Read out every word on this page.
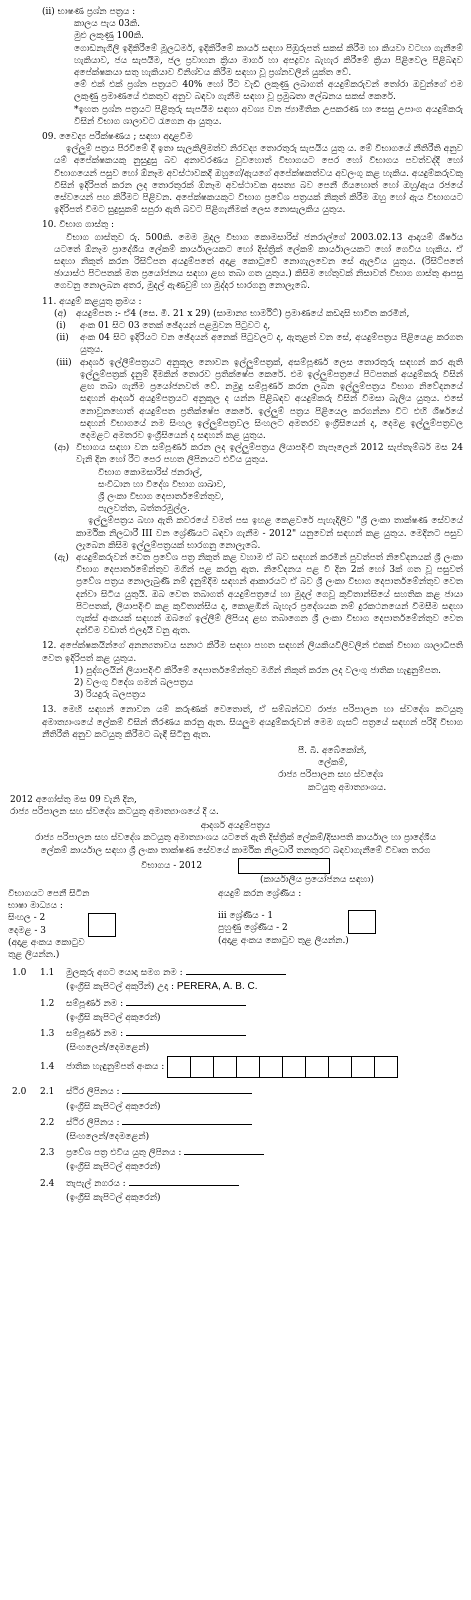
(ii) භාෂණ ප්‍රශ්න පත්‍රය :

කාලය පැය 03කි.

මුළු ලකුණු 100කි.

ගොඩනැගිලි ඉදිකිරීමේ මූලධර්ම, ඉදිකිරීමේ කාර්ය සඳහා පිඹුරුපත් සකස් කිරීම හා කියවා වටහා ගැනීමේ හැකියාව, ජය සැපයීම, ජල ප්‍රවාහන ක්‍රියා මාර්ග හා අපද්‍රව්‍ය බැහැර කිරීමේ ක්‍රියා පිළිවෙල පිළිබඳව අපේක්ෂකයා සතු හැකියාව විනිශ්චය කිරීම සඳහා වූ ප්‍රශ්නවලින් යුක්ත වේ.

මේ එක් එක් ප්‍රශ්න පත්‍රයට 40% හෝ රීට වැඩි ලකුණු ලබාගත් අයදුම්කරුවන් තෝරා ඔවුන්ගේ එම ලකුණු ප්‍රමාණයේ එකතුව අනුව බඳවා ගැනීම සඳහා වූ ප්‍රමුඛතා ලේඛනය සකස් කෙරේ.

*ඉහත ප්‍රශ්න පත්‍රයට පිළිතුරු සැපයීම සඳහා අවශ්‍ය වන ජ්‍යාමිතික උපකරණ හා සෙසු උපාංග අයදුම්කරු විසින් විභාග ශාලාවට රැගෙන ආ යුතුය.

09. වෛද්‍ය පරීක්ෂණය ; සඳහා අදාළවීම

ඉල්ලුම් පත්‍රය පිරවීමේ දී ඉතා සැලකිලිමත්ව නිරවද්‍ය තොරතුරු සැපයිය යුතු ය. මේ විභාගයේ නීතිරීති අනුව යම් අපේක්ෂකයකු නුසුදුසු බව අනාවරණය වුවහොත් විභාගයට පෙර හෝ විභාගය පවත්වද්දී හෝ විභාගයෙන් පසුව හෝ ඕනෑම අවස්ථාවකදී ඔහුගේ/ඇයගේ අපේක්ෂකත්වය අවලංගු කළ හැකිය. අයදුම්කරුවකු විසින් ඉදිරිපත් කරන ලද තොරතුරක් ඕනෑම අවස්ථාවක අසත්‍ය බව පෙනී ගියහොත් හෝ ඔහු/ඇය රජයේ සේවයෙන් පහ කිරීමට පිළිවන. අපේක්ෂකයකුට විභාග ප්‍රවේශ පත්‍රයක් නිකුත් කිරීම ඔහු හෝ ඇය විභාගයට ඉදිරිපත් වීමට සුදුසුකම් සපුරා ඇති බවට පිළිගැනීමක් ලෙස නොසැලකිය යුතුය.

10. විභාග ගාස්තු :

විභාග ගාස්තුව රු. 500කි. මෙම මුදල විභාග කොමසාරිස් ජනරාල්ගේ 2003.02.13 ආදායම් ශීර්ෂය යටතේ ඕනෑම ප්‍රාදේශීය ලේකම් කාර්යාලයකට හෝ දිස්ත්‍රික් ලේකම් කාර්යාලයකට හෝ ගෙවිය හැකිය. ඒ සඳහා නිකුත් කරන රිසිට්පත අයදුම්පතේ අදාළ කොටුවේ නොගැලවෙන සේ ඇලවිය යුතුය. (රිසිට්පතේ ඡායාස්ථ පිටපතක් මත ප්‍රයෝජනය සඳහා ළඟ තබා ගත යුතුය.) කිසිම හේතුවක් නිසාවත් විභාග ගාස්තු ආපසු ගෙවනු නොලබන අතර, මුදල් ඇණවුම් හා මුද්දර භාරගනු නොලැබේ.

11. අයදුම් කළයුතු ක්‍රමය :

(අ)	අයදුම්පත :- ඒ4 (සෙ. මී. 21 x 29) (සාමාන්‍ය භාර්මිට්) ප්‍රමාණයේ කඩදාසි භාවිත කරමින්,
(i)	අංක 01 සිට 03 තෙක් ඡේදයන් පළමුවන පිටුවට ද,
(ii)	අංක 04 සිට ඉදිරියට වන ඡේදයන් අනෙක් පිටුවලට ද, ඇතුළත් වන සේ, අයදුම්පත්‍රය පිළියෙළ කරගත යුතුය.
(iii) ආදර්ශ ඉල්ලීම්පත්‍රයට අනුකූල නොවන ඉල්ලුම්පත්‍රක්, අසම්පූර්ණ ලෙස තොරතුරු සඳහන් කර ඇති ඉල්ලුම්පත්‍රක් දැනුම් දීමකින් තොරව ප්‍රතික්ෂේප කෙරේ. එම ඉල්ලුම්පත්‍රයේ පිටපතක් අයදුම්කරු විසින් ළඟ තබා ගැනීම ප්‍රයෝජනවත් වේ. නමුදු සම්පූර්ණ කරන ලබන ඉල්ලුම්පත්‍රය විභාග නිවේදනයේ සඳහන් ආදර්ශ අයදුම්පත්‍රයට අනුකූල ද යන්න පිළිබඳව අයදුම්කරු විසින් විමසා බැලිය යුතුය. එසේ නොවුනහොත් අයදුම්පත ප්‍රතික්ෂේප කෙරේ. ඉල්ලුම් පත්‍රය පිළියෙල කරගන්නා විට එහි ශීර්ෂයේ සඳහන් විභාගයේ නම සිංහල ඉල්ලුම්පත්‍රවල සිංහලට අමතරව ඉංග්‍රීසියෙන් ද, දෙමළ ඉල්ලුම්පත්‍රවල දෙමළට අමතරව ඉංග්‍රීසියෙන් ද සඳහන් කළ යුතුය.
(ආ) විභාගය සඳහා වන සම්පූර්ණ කරන ලද ඉල්ලුම්පත්‍රය ලියාපදිංචි තැපෑලෙන් 2012 සැප්තැම්බර් මස 24 වැනි දින හෝ රීට පෙර පහත ලිපිනයට එවිය යුතුය.

විභාග කොමසාරිස් ජනරාල්,

සංවිධාන හා විදේශ විභාග ශාඛාව,

ශ්‍රී ලංකා විභාග දෙපාර්තමේන්තුව,

පැලවත්ත, බත්තරමුල්ල.

ඉල්ලුම්පත්‍රය බහා ඇති කවරයේ වමත් පස ඉහළ කෙළවරේ පැහැදිලිව "ශ්‍රී ලංකා තාක්ෂණ සේවයේ කාර්මික නිලධාරී III වන ශ්‍රේණියට බඳවා ගැනීම - 2012" යනුවෙන් සඳහන් කළ යුතුය. මෙදිනට පසුව ලැබෙන කිසිම ඉල්ලුම්පත්‍රයක් භාරගනු නොලැබේ.

(ඇ) අයදුම්කරුවන් වෙත ප්‍රවේශ පත්‍ර නිකුත් කළ වහාම ඒ බව සඳහන් කරමින් පුවත්පත් නිවේදනයක් ශ්‍රී ලංකා විභාග දෙපාර්තමේන්තුව මගින් පළ කරනු ඇත. නිවේදනය පළ වී දින 2ක් හෝ 3ක් ගත වූ පසුවත් ප්‍රවේශ පත්‍රය නොලැබුණි නම් දැනුම්දීම සඳහන් ආකාරයට ඒ බව ශ්‍රී ලංකා විභාග දෙපාර්තමේන්තුව වෙත දන්වා සිටිය යුතුයි. ඔබ වෙත තබාගත් අයදුම්පත්‍රයේ හා මුදල් ගෙවූ කුවිතාන්සියේ සහතික කළ ජායා පිටපතක්, ලියාපදිංචි කළ කුවිතාන්සිය ද, කොළඹින් බැහැර ප්‍රදේශයක නම් දුරකථනයෙන් විමසීම සඳහා ෆැක්ස් අංකයක් සඳහන් ඔබගේ ඉල්ලීම් ලිපියද ළඟ තබාගෙන ශ්‍රී ලංකා විභාග දෙපාර්තමේන්තුව වෙත දන්වීම වඩාත් එලදායී වනු ඇත.

12. අපේක්ෂකයින්ගේ අනන්‍යතාවය සනාථ කිරීම සඳහා පහත සඳහන් ලියකියවිලිවලින් එකක් විභාග ශාලාධිපති වෙත ඉදිරිපත් කළ යුතුය.

1) පුද්ගලයින් ලියාපදිංචි කිරීමේ දෙපාර්තමේන්තුව මගින් නිකුත් කරන ලද වලංගු ජාතික හැඳුනුම්පත.

2) වලංගු විදේශ ගමන් බලපත්‍රය

3) රියදුරු බලපත්‍රය

13. මෙහි සඳහන් නොවන යම් කරුණක් වෙතොත්, ඒ සම්බන්ධව රාජ්‍ය පරිපාලන හා ස්වදේශ කටයුතු අමාත්‍යාංශයේ ලේකම් විසින් තීරණය කරනු ඇත. සියලුම අයදුම්කරුවන් මෙම ගැසට් පත්‍රයේ සඳහන් පරිදි විභාග නීතිරීති අනුව කටයුතු කිරීමට බැඳී සිටිනු ඇත.

පී. බී. අබේකෝන්,

ලේකම්,

රාජ්‍ය පරිපාලන සහ ස්වදේශ

කටයුතු අමාත්‍යාංශය.

2012 අගෝස්තු මස 09 වැනි දින,

රාජ්‍ය පරිපාලන සහ ස්වදේශ කටයුතු අමාත්‍යාංශයේ දී ය.

ආදර්ශ අයදුම්පත්‍රය

රාජ්‍ය පරිපාලන සහ ස්වදේශ කටයුතු අමාත්‍යාංශය යටතේ ඇති දිස්ත්‍රික් ලේකම්/දිසාපති කාර්යාල හා ප්‍රාදේශීය ලේකම් කාර්යාල සඳහා ශ්‍රී ලංකා තාක්ෂණ සේවයේ කාර්මික නිලධාරී තනතුරට බඳවාගැනීමේ විවෘත තරග

විභාගය - 2012

(කාර්යාලීය ප්‍රයෝජනය සඳහා)

විභාගයට පෙනී සිටින

භාෂා මාධ්‍යය :

සිංහල - 2

දෙමළ - 3

(අදාළ අංකය කොටුව

තුළ ලියන්න.)

අයදුම් කරන ශ්‍රේණිය :

iii ශ්‍රේණිය - 1

පුහුණු ශ්‍රේණිය - 2

(අදාළ අංකය කොටුව තුළ ලියන්න.)

1.0	1.1	මුලකුරු අගට යොදා සමග නම :
(ඉංග්‍රීසි කැපිටල් අකුරින්) උදා : PERERA, A. B. C.
1.2	සම්පූර්ණ නම :
(ඉංග්‍රීසි කැපිටල් අකුරෙන්)
1.3	සම්පූර්ණ නම :
(සිංහලෙන්/දෙමළෙන්)
1.4	ජාතික හැඳුනුම්පත් අංකය :
2.0	2.1	ස්ථිර ලිපිනය :
(ඉංග්‍රීසි කැපිටල් අකුරෙන්)
2.2	ස්ථිර ලිපිනය :
(සිංහලෙන්/දෙමළෙන්)
2.3	ප්‍රවේශ පත්‍ර එවිය යුතු ලිපිනය :
(ඉංග්‍රීසි කැපිටල් අකුරෙන්)
2.4	තැපැල් නගරය :
(ඉංග්‍රීසි කැපිටල් අකුරෙන්)
